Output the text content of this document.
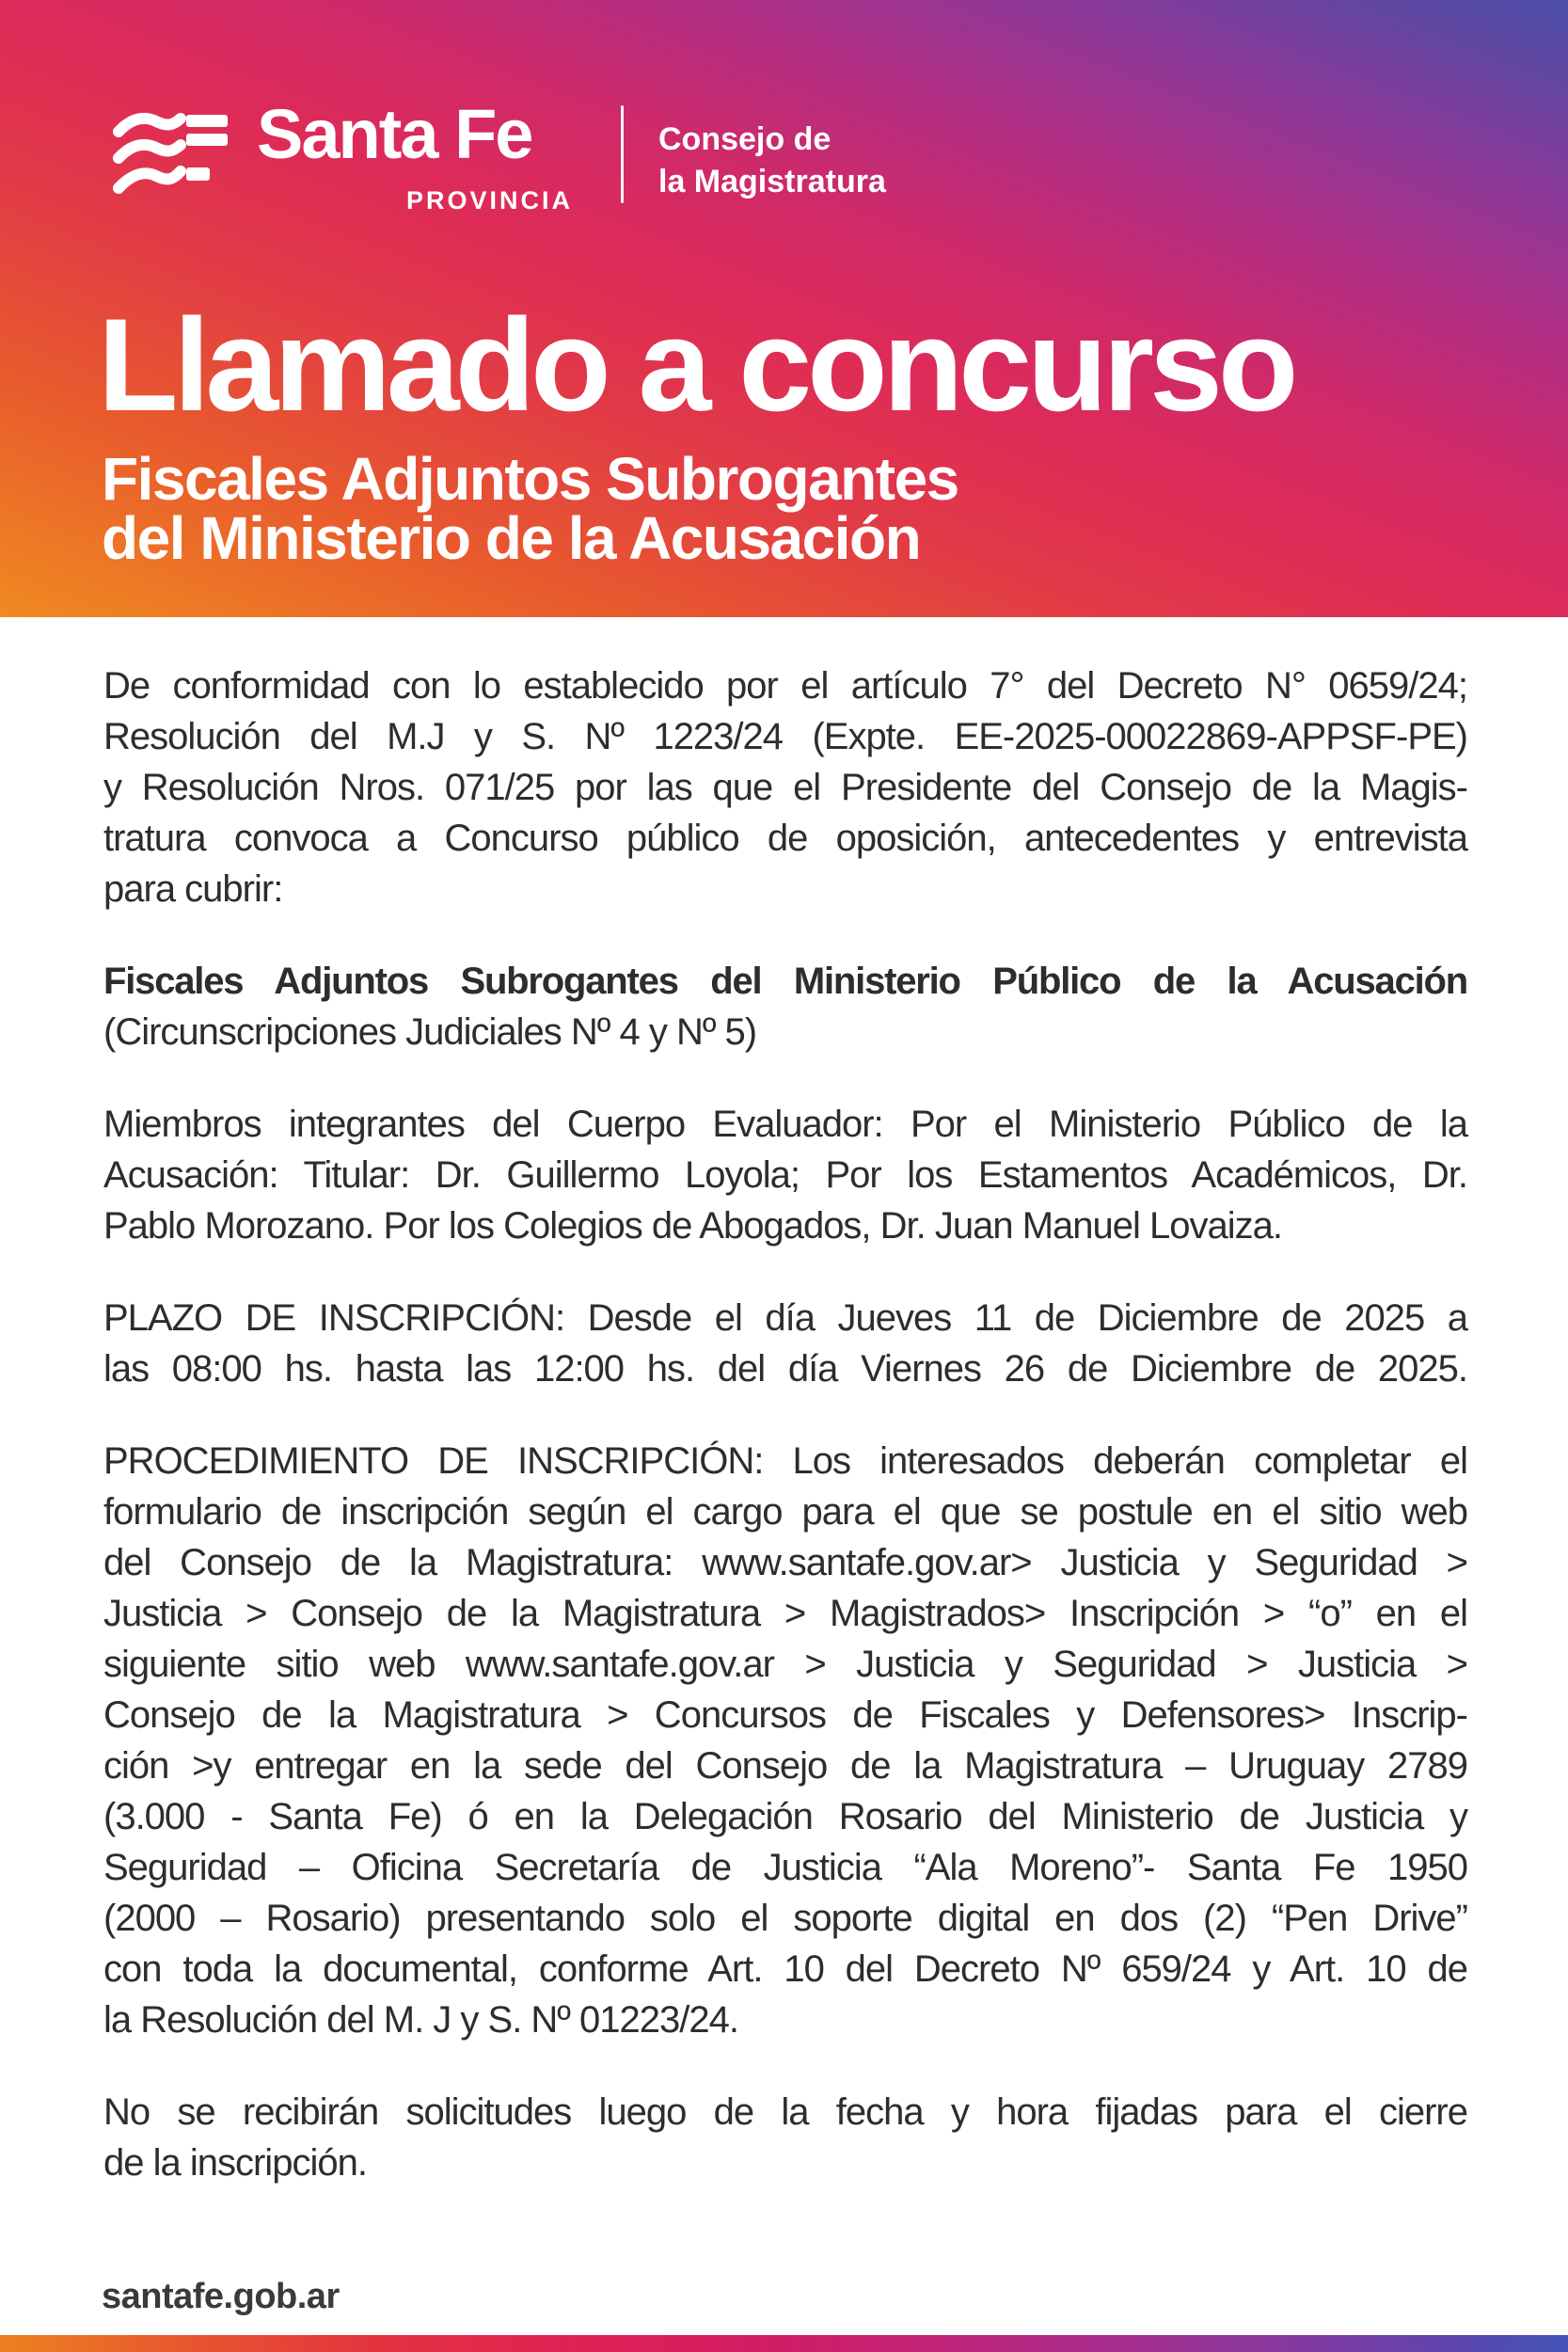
Santa Fe
PROVINCIA
Consejo de
la Magistratura
Llamado a concurso
Fiscales Adjuntos Subrogantes
del Ministerio de la Acusación
De conformidad con lo establecido por el artículo 7° del Decreto N° 0659/24;
Resolución del M.J y S. Nº 1223/24 (Expte. EE-2025-00022869-APPSF-PE)
y Resolución Nros. 071/25 por las que el Presidente del Consejo de la Magis-
tratura convoca a Concurso público de oposición, antecedentes y entrevista
para cubrir:
Fiscales Adjuntos Subrogantes del Ministerio Público de la Acusación
(Circunscripciones Judiciales Nº 4 y Nº 5)
Miembros integrantes del Cuerpo Evaluador: Por el Ministerio Público de la
Acusación: Titular: Dr. Guillermo Loyola; Por los Estamentos Académicos, Dr.
Pablo Morozano. Por los Colegios de Abogados, Dr. Juan Manuel Lovaiza.
PLAZO DE INSCRIPCIÓN: Desde el día Jueves 11 de Diciembre de 2025 a
las 08:00 hs. hasta las 12:00 hs. del día Viernes 26 de Diciembre de 2025.
PROCEDIMIENTO DE INSCRIPCIÓN: Los interesados deberán completar el
formulario de inscripción según el cargo para el que se postule en el sitio web
del Consejo de la Magistratura: www.santafe.gov.ar> Justicia y Seguridad >
Justicia > Consejo de la Magistratura > Magistrados> Inscripción > “o” en el
siguiente sitio web www.santafe.gov.ar > Justicia y Seguridad > Justicia >
Consejo de la Magistratura > Concursos de Fiscales y Defensores> Inscrip-
ción >y entregar en la sede del Consejo de la Magistratura – Uruguay 2789
(3.000 - Santa Fe) ó en la Delegación Rosario del Ministerio de Justicia y
Seguridad – Oficina Secretaría de Justicia “Ala Moreno”- Santa Fe 1950
(2000 – Rosario) presentando solo el soporte digital en dos (2) “Pen Drive”
con toda la documental, conforme Art. 10 del Decreto Nº 659/24 y Art. 10 de
la Resolución del M. J y S. Nº 01223/24.
No se recibirán solicitudes luego de la fecha y hora fijadas para el cierre
de la inscripción.
santafe.gob.ar
